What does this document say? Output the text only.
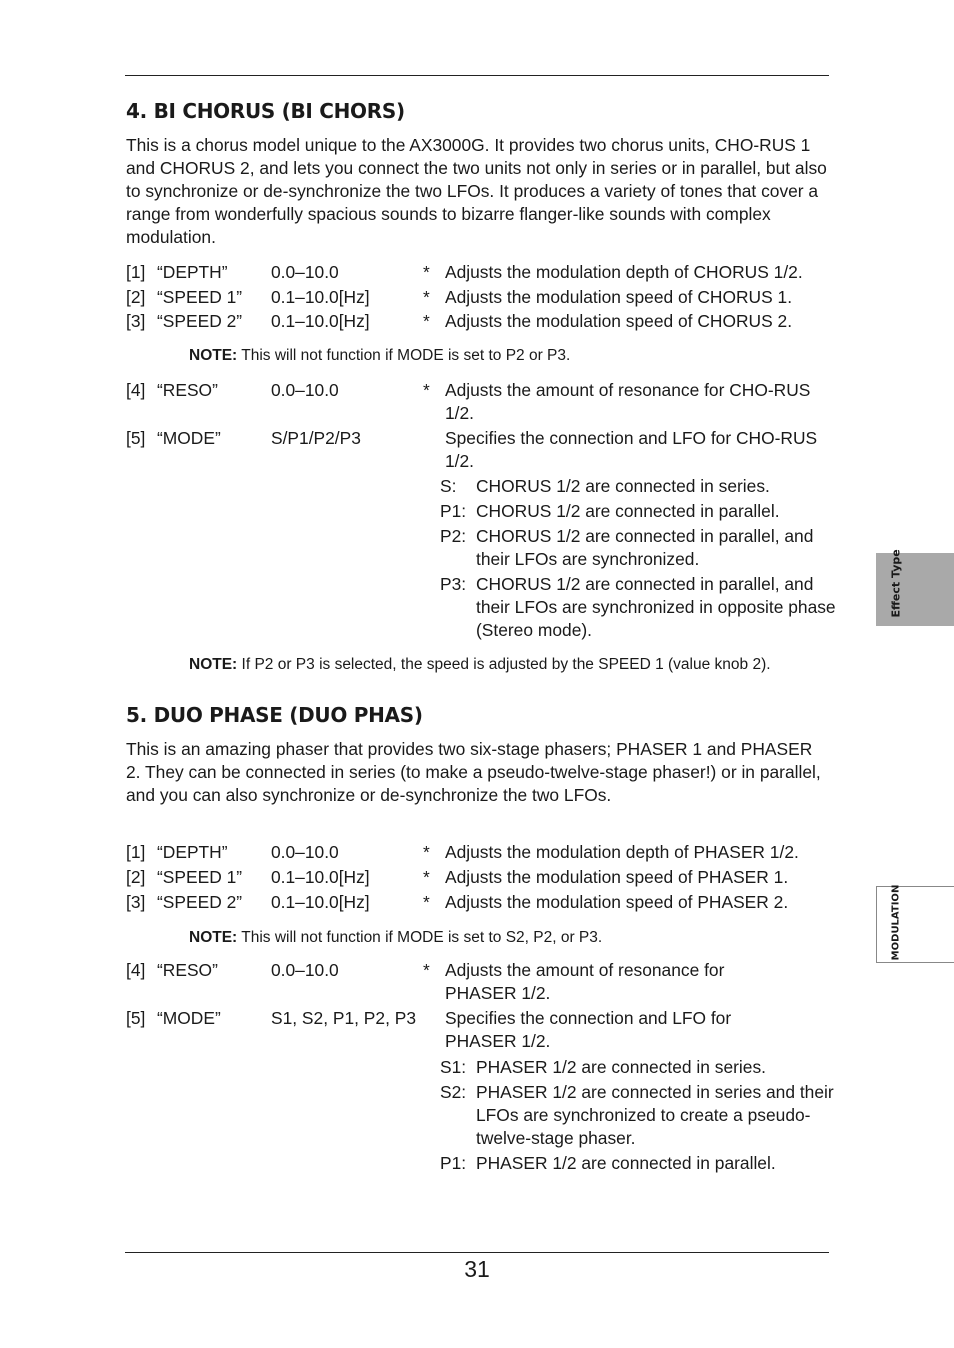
4. BI CHORUS (BI CHORS)

This is a chorus model unique to the AX3000G. It provides two chorus units, CHO-RUS 1 and CHORUS 2, and lets you connect the two units not only in series or in parallel, but also to synchronize or de-synchronize the two LFOs. It produces a variety of tones that cover a range from wonderfully spacious sounds to bizarre flanger-like sounds with complex modulation.

[1] “DEPTH” 0.0–10.0	* Adjusts the modulation depth of CHORUS 1/2.
[2] “SPEED 1” 0.1–10.0[Hz]	* Adjusts the modulation speed of CHORUS 1.
[3] “SPEED 2” 0.1–10.0[Hz]	* Adjusts the modulation speed of CHORUS 2.
NOTE: This will not function if MODE is set to P2 or P3.
[4] “RESO”	0.0–10.0	* Adjusts the amount of resonance for CHO-RUS 1/2.
[5] “MODE”	S/P1/P2/P3	Specifies the connection and LFO for CHO-RUS 1/2.
S: CHORUS 1/2 are connected in series.
P1: CHORUS 1/2 are connected in parallel.
P2: CHORUS 1/2 are connected in parallel, and their LFOs are synchronized.
P3: CHORUS 1/2 are connected in parallel, and their LFOs are synchronized in opposite phase (Stereo mode).
NOTE: If P2 or P3 is selected, the speed is adjusted by the SPEED 1 (value knob 2).
5. DUO PHASE (DUO PHAS)

This is an amazing phaser that provides two six-stage phasers; PHASER 1 and PHASER 2. They can be connected in series (to make a pseudo-twelve-stage phaser!) or in parallel, and you can also synchronize or de-synchronize the two LFOs.

[1] “DEPTH” 0.0–10.0	* Adjusts the modulation depth of PHASER 1/2.
[2] “SPEED 1” 0.1–10.0[Hz]	* Adjusts the modulation speed of PHASER 1.
[3] “SPEED 2” 0.1–10.0[Hz]	* Adjusts the modulation speed of PHASER 2.
NOTE: This will not function if MODE is set to S2, P2, or P3.
[4] “RESO”	0.0–10.0	* Adjusts the amount of resonance for PHASER 1/2.
[5] “MODE”	S1, S2, P1, P2, P3 Specifies the connection and LFO for PHASER 1/2.
S1: PHASER 1/2 are connected in series.
S2: PHASER 1/2 are connected in series and their LFOs are synchronized to create a pseudo-twelve-stage phaser.
P1: PHASER 1/2 are connected in parallel.
Effect Type
MODULATION
31
